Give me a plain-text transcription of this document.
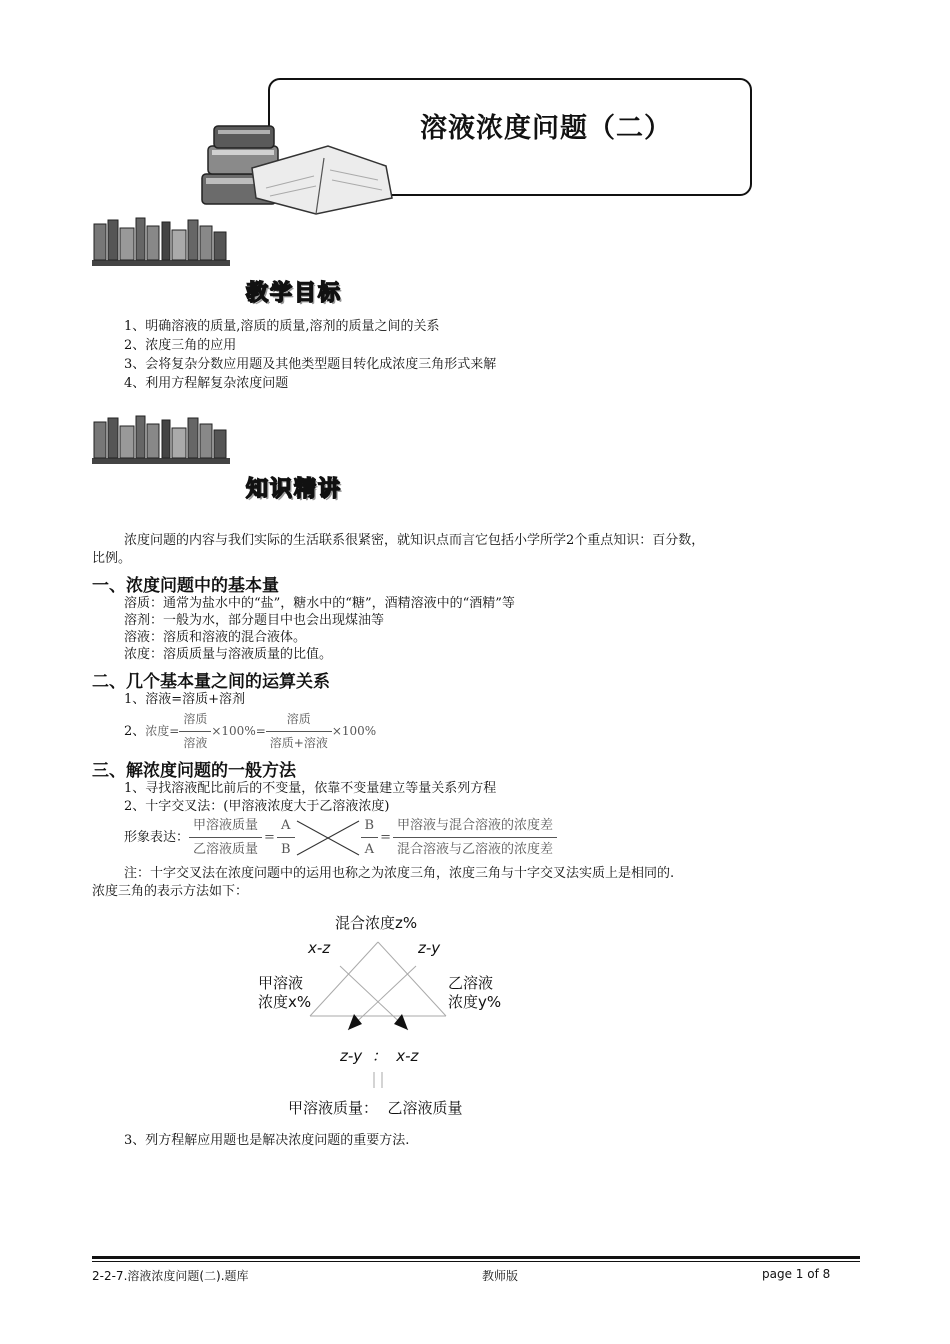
溶液浓度问题（二）
教学目标
1、明确溶液的质量,溶质的质量,溶剂的质量之间的关系
2、浓度三角的应用
3、会将复杂分数应用题及其他类型题目转化成浓度三角形式来解
4、利用方程解复杂浓度问题
知识精讲
浓度问题的内容与我们实际的生活联系很紧密，就知识点而言它包括小学所学2个重点知识：百分数，
比例。
一、浓度问题中的基本量
溶质：通常为盐水中的“盐”，糖水中的“糖”，酒精溶液中的“酒精”等
溶剂：一般为水，部分题目中也会出现煤油等
溶液：溶质和溶液的混合液体。
浓度：溶质质量与溶液质量的比值。
二、几个基本量之间的运算关系
1、溶液=溶质+溶剂
2、 浓度= $\frac{\text{溶质}}{\text{溶液}} \times 100\%= \frac{\text{溶质}}{\text{溶质+溶液}} \times 100\%$
三、解浓度问题的一般方法
1、寻找溶液配比前后的不变量，依靠不变量建立等量关系列方程
2、十字交叉法：(甲溶液浓度大于乙溶液浓度)
形象表达： $\frac{\text{甲溶液质量}}{\text{乙溶液质量}} = \frac{A}{B}$	$\frac{B}{A} = \frac{\text{甲溶液与混合溶液的浓度差}}{\text{混合溶液与乙溶液的浓度差}}$
注：十字交叉法在浓度问题中的运用也称之为浓度三角，浓度三角与十字交叉法实质上是相同的.
浓度三角的表示方法如下：
混合浓度z%
x-z	z-y
甲溶液
浓度x%
乙溶液
浓度y%
z-y  ：  x-z
甲溶液质量：  乙溶液质量
3、列方程解应用题也是解决浓度问题的重要方法.
2-2-7.溶液浓度问题(二).题库	教师版	page 1 of 8
